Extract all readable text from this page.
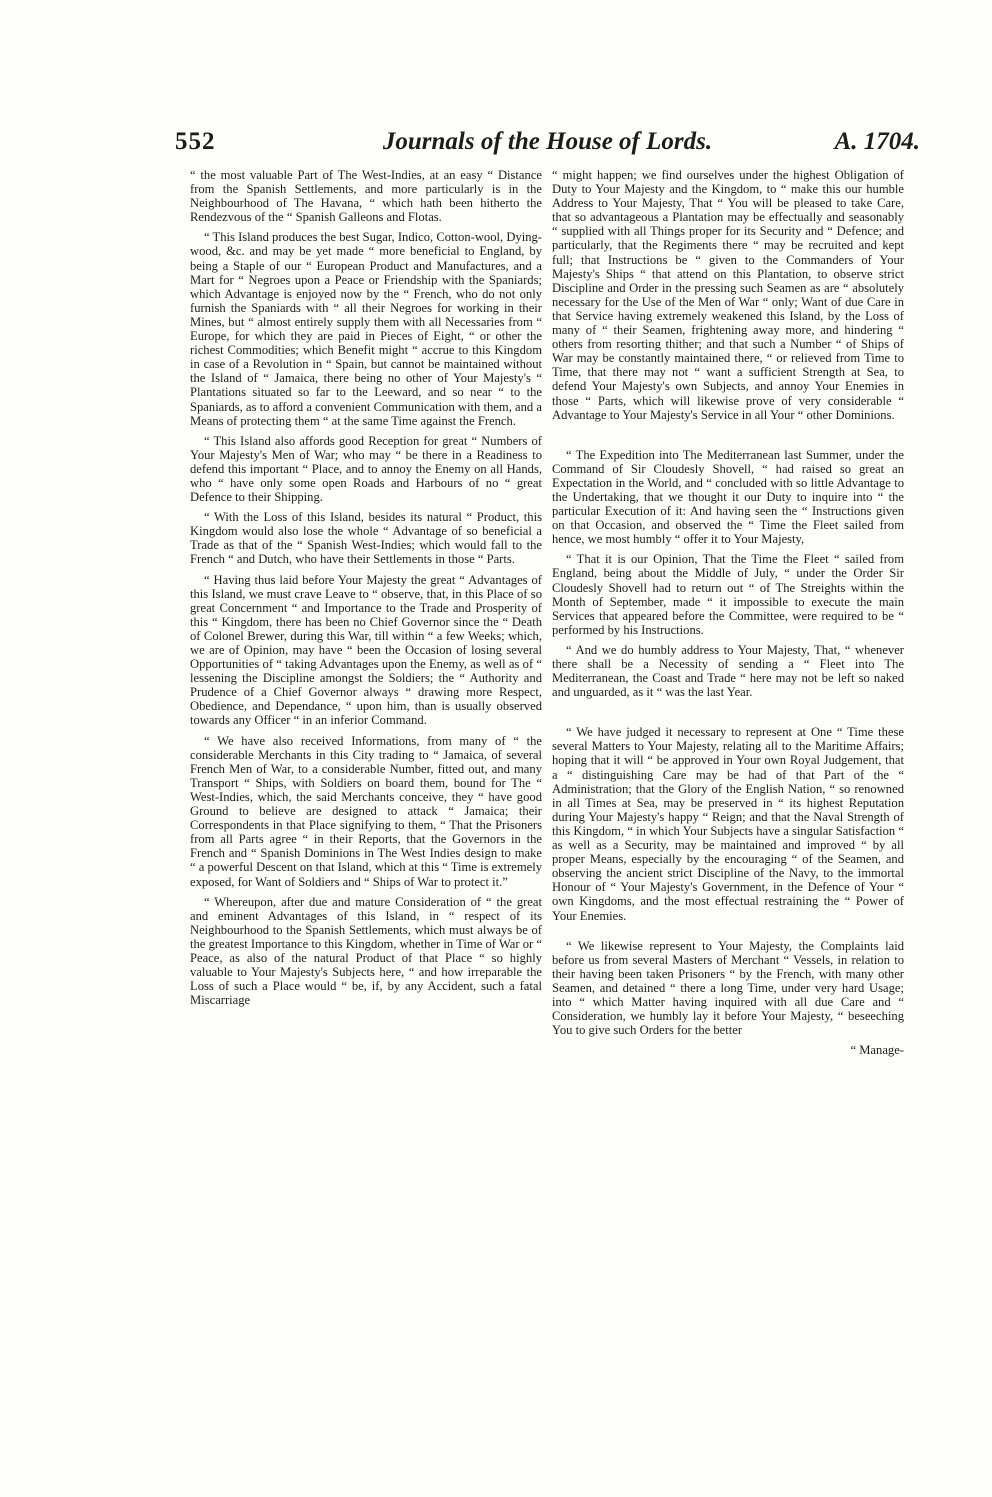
552	Journals of the House of Lords.	A. 1704.

“ the most valuable Part of The West-Indies, at an easy “ Distance from the Spanish Settlements, and more particularly is in the Neighbourhood of The Havana, “ which hath been hitherto the Rendezvous of the “ Spanish Galleons and Flotas.

“ This Island produces the best Sugar, Indico, Cotton-wool, Dying-wood, &c. and may be yet made “ more beneficial to England, by being a Staple of our “ European Product and Manufactures, and a Mart for “ Negroes upon a Peace or Friendship with the Spaniards; which Advantage is enjoyed now by the “ French, who do not only furnish the Spaniards with “ all their Negroes for working in their Mines, but “ almost entirely supply them with all Necessaries from “ Europe, for which they are paid in Pieces of Eight, “ or other the richest Commodities; which Benefit might “ accrue to this Kingdom in case of a Revolution in “ Spain, but cannot be maintained without the Island of “ Jamaica, there being no other of Your Majesty's “ Plantations situated so far to the Leeward, and so near “ to the Spaniards, as to afford a convenient Communication with them, and a Means of protecting them “ at the same Time against the French.

“ This Island also affords good Reception for great “ Numbers of Your Majesty's Men of War; who may “ be there in a Readiness to defend this important “ Place, and to annoy the Enemy on all Hands, who “ have only some open Roads and Harbours of no “ great Defence to their Shipping.

“ With the Loss of this Island, besides its natural “ Product, this Kingdom would also lose the whole “ Advantage of so beneficial a Trade as that of the “ Spanish West-Indies; which would fall to the French “ and Dutch, who have their Settlements in those “ Parts.

“ Having thus laid before Your Majesty the great “ Advantages of this Island, we must crave Leave to “ observe, that, in this Place of so great Concernment “ and Importance to the Trade and Prosperity of this “ Kingdom, there has been no Chief Governor since the “ Death of Colonel Brewer, during this War, till within “ a few Weeks; which, we are of Opinion, may have “ been the Occasion of losing several Opportunities of “ taking Advantages upon the Enemy, as well as of “ lessening the Discipline amongst the Soldiers; the “ Authority and Prudence of a Chief Governor always “ drawing more Respect, Obedience, and Dependance, “ upon him, than is usually observed towards any Officer “ in an inferior Command.

“ We have also received Informations, from many of “ the considerable Merchants in this City trading to “ Jamaica, of several French Men of War, to a considerable Number, fitted out, and many Transport “ Ships, with Soldiers on board them, bound for The “ West-Indies, which, the said Merchants conceive, they “ have good Ground to believe are designed to attack “ Jamaica; their Correspondents in that Place signifying to them, “ That the Prisoners from all Parts agree “ in their Reports, that the Governors in the French and “ Spanish Dominions in The West Indies design to make “ a powerful Descent on that Island, which at this “ Time is extremely exposed, for Want of Soldiers and “ Ships of War to protect it.”

“ Whereupon, after due and mature Consideration of “ the great and eminent Advantages of this Island, in “ respect of its Neighbourhood to the Spanish Settlements, which must always be of the greatest Importance to this Kingdom, whether in Time of War or “ Peace, as also of the natural Product of that Place “ so highly valuable to Your Majesty's Subjects here, “ and how irreparable the Loss of such a Place would “ be, if, by any Accident, such a fatal Miscarriage

“ might happen; we find ourselves under the highest Obligation of Duty to Your Majesty and the Kingdom, to “ make this our humble Address to Your Majesty, That “ You will be pleased to take Care, that so advantageous a Plantation may be effectually and seasonably “ supplied with all Things proper for its Security and “ Defence; and particularly, that the Regiments there “ may be recruited and kept full; that Instructions be “ given to the Commanders of Your Majesty's Ships “ that attend on this Plantation, to observe strict Discipline and Order in the pressing such Seamen as are “ absolutely necessary for the Use of the Men of War “ only; Want of due Care in that Service having extremely weakened this Island, by the Loss of many of “ their Seamen, frightening away more, and hindering “ others from resorting thither; and that such a Number “ of Ships of War may be constantly maintained there, “ or relieved from Time to Time, that there may not “ want a sufficient Strength at Sea, to defend Your Majesty's own Subjects, and annoy Your Enemies in those “ Parts, which will likewise prove of very considerable “ Advantage to Your Majesty's Service in all Your “ other Dominions.

“ The Expedition into The Mediterranean last Summer, under the Command of Sir Cloudesly Shovell, “ had raised so great an Expectation in the World, and “ concluded with so little Advantage to the Undertaking, that we thought it our Duty to inquire into “ the particular Execution of it: And having seen the “ Instructions given on that Occasion, and observed the “ Time the Fleet sailed from hence, we most humbly “ offer it to Your Majesty,

“ That it is our Opinion, That the Time the Fleet “ sailed from England, being about the Middle of July, “ under the Order Sir Cloudesly Shovell had to return out “ of The Streights within the Month of September, made “ it impossible to execute the main Services that appeared before the Committee, were required to be “ performed by his Instructions.

“ And we do humbly address to Your Majesty, That, “ whenever there shall be a Necessity of sending a “ Fleet into The Mediterranean, the Coast and Trade “ here may not be left so naked and unguarded, as it “ was the last Year.

“ We have judged it necessary to represent at One “ Time these several Matters to Your Majesty, relating all to the Maritime Affairs; hoping that it will “ be approved in Your own Royal Judgement, that a “ distinguishing Care may be had of that Part of the “ Administration; that the Glory of the English Nation, “ so renowned in all Times at Sea, may be preserved in “ its highest Reputation during Your Majesty's happy “ Reign; and that the Naval Strength of this Kingdom, “ in which Your Subjects have a singular Satisfaction “ as well as a Security, may be maintained and improved “ by all proper Means, especially by the encouraging “ of the Seamen, and observing the ancient strict Discipline of the Navy, to the immortal Honour of “ Your Majesty's Government, in the Defence of Your “ own Kingdoms, and the most effectual restraining the “ Power of Your Enemies.

“ We likewise represent to Your Majesty, the Complaints laid before us from several Masters of Merchant “ Vessels, in relation to their having been taken Prisoners “ by the French, with many other Seamen, and detained “ there a long Time, under very hard Usage; into “ which Matter having inquired with all due Care and “ Consideration, we humbly lay it before Your Majesty, “ beseeching You to give such Orders for the better

“ Manage-
